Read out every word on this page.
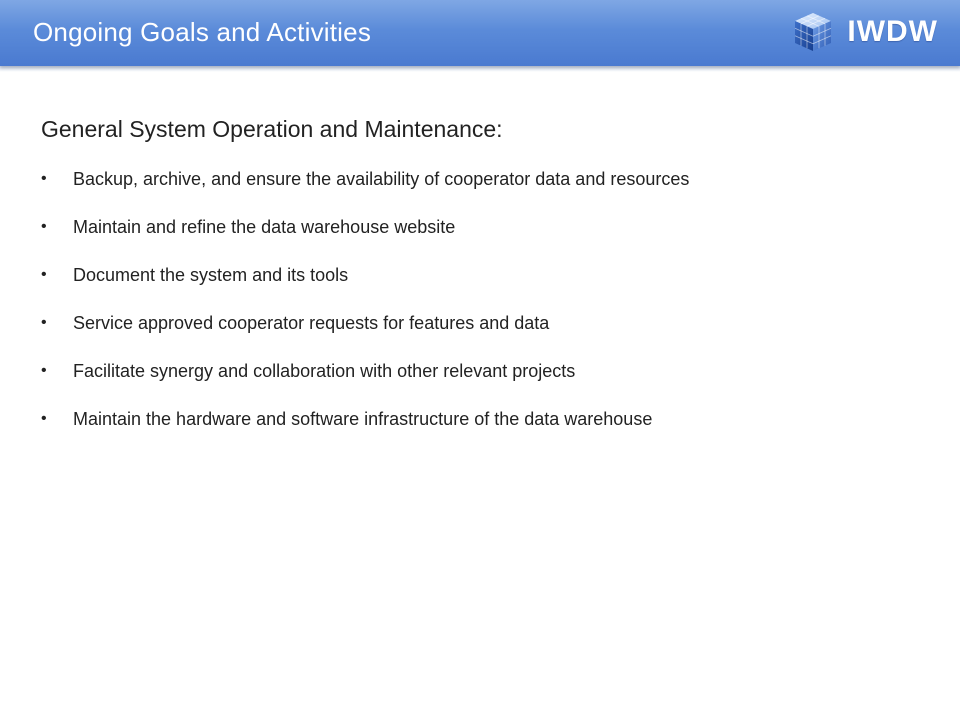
Ongoing Goals and Activities	IWDW
General System Operation and Maintenance:
• Backup, archive, and ensure the availability of cooperator data and resources
• Maintain and refine the data warehouse website
• Document the system and its tools
• Service approved cooperator requests for features and data
• Facilitate synergy and collaboration with other relevant projects
• Maintain the hardware and software infrastructure of the data warehouse
